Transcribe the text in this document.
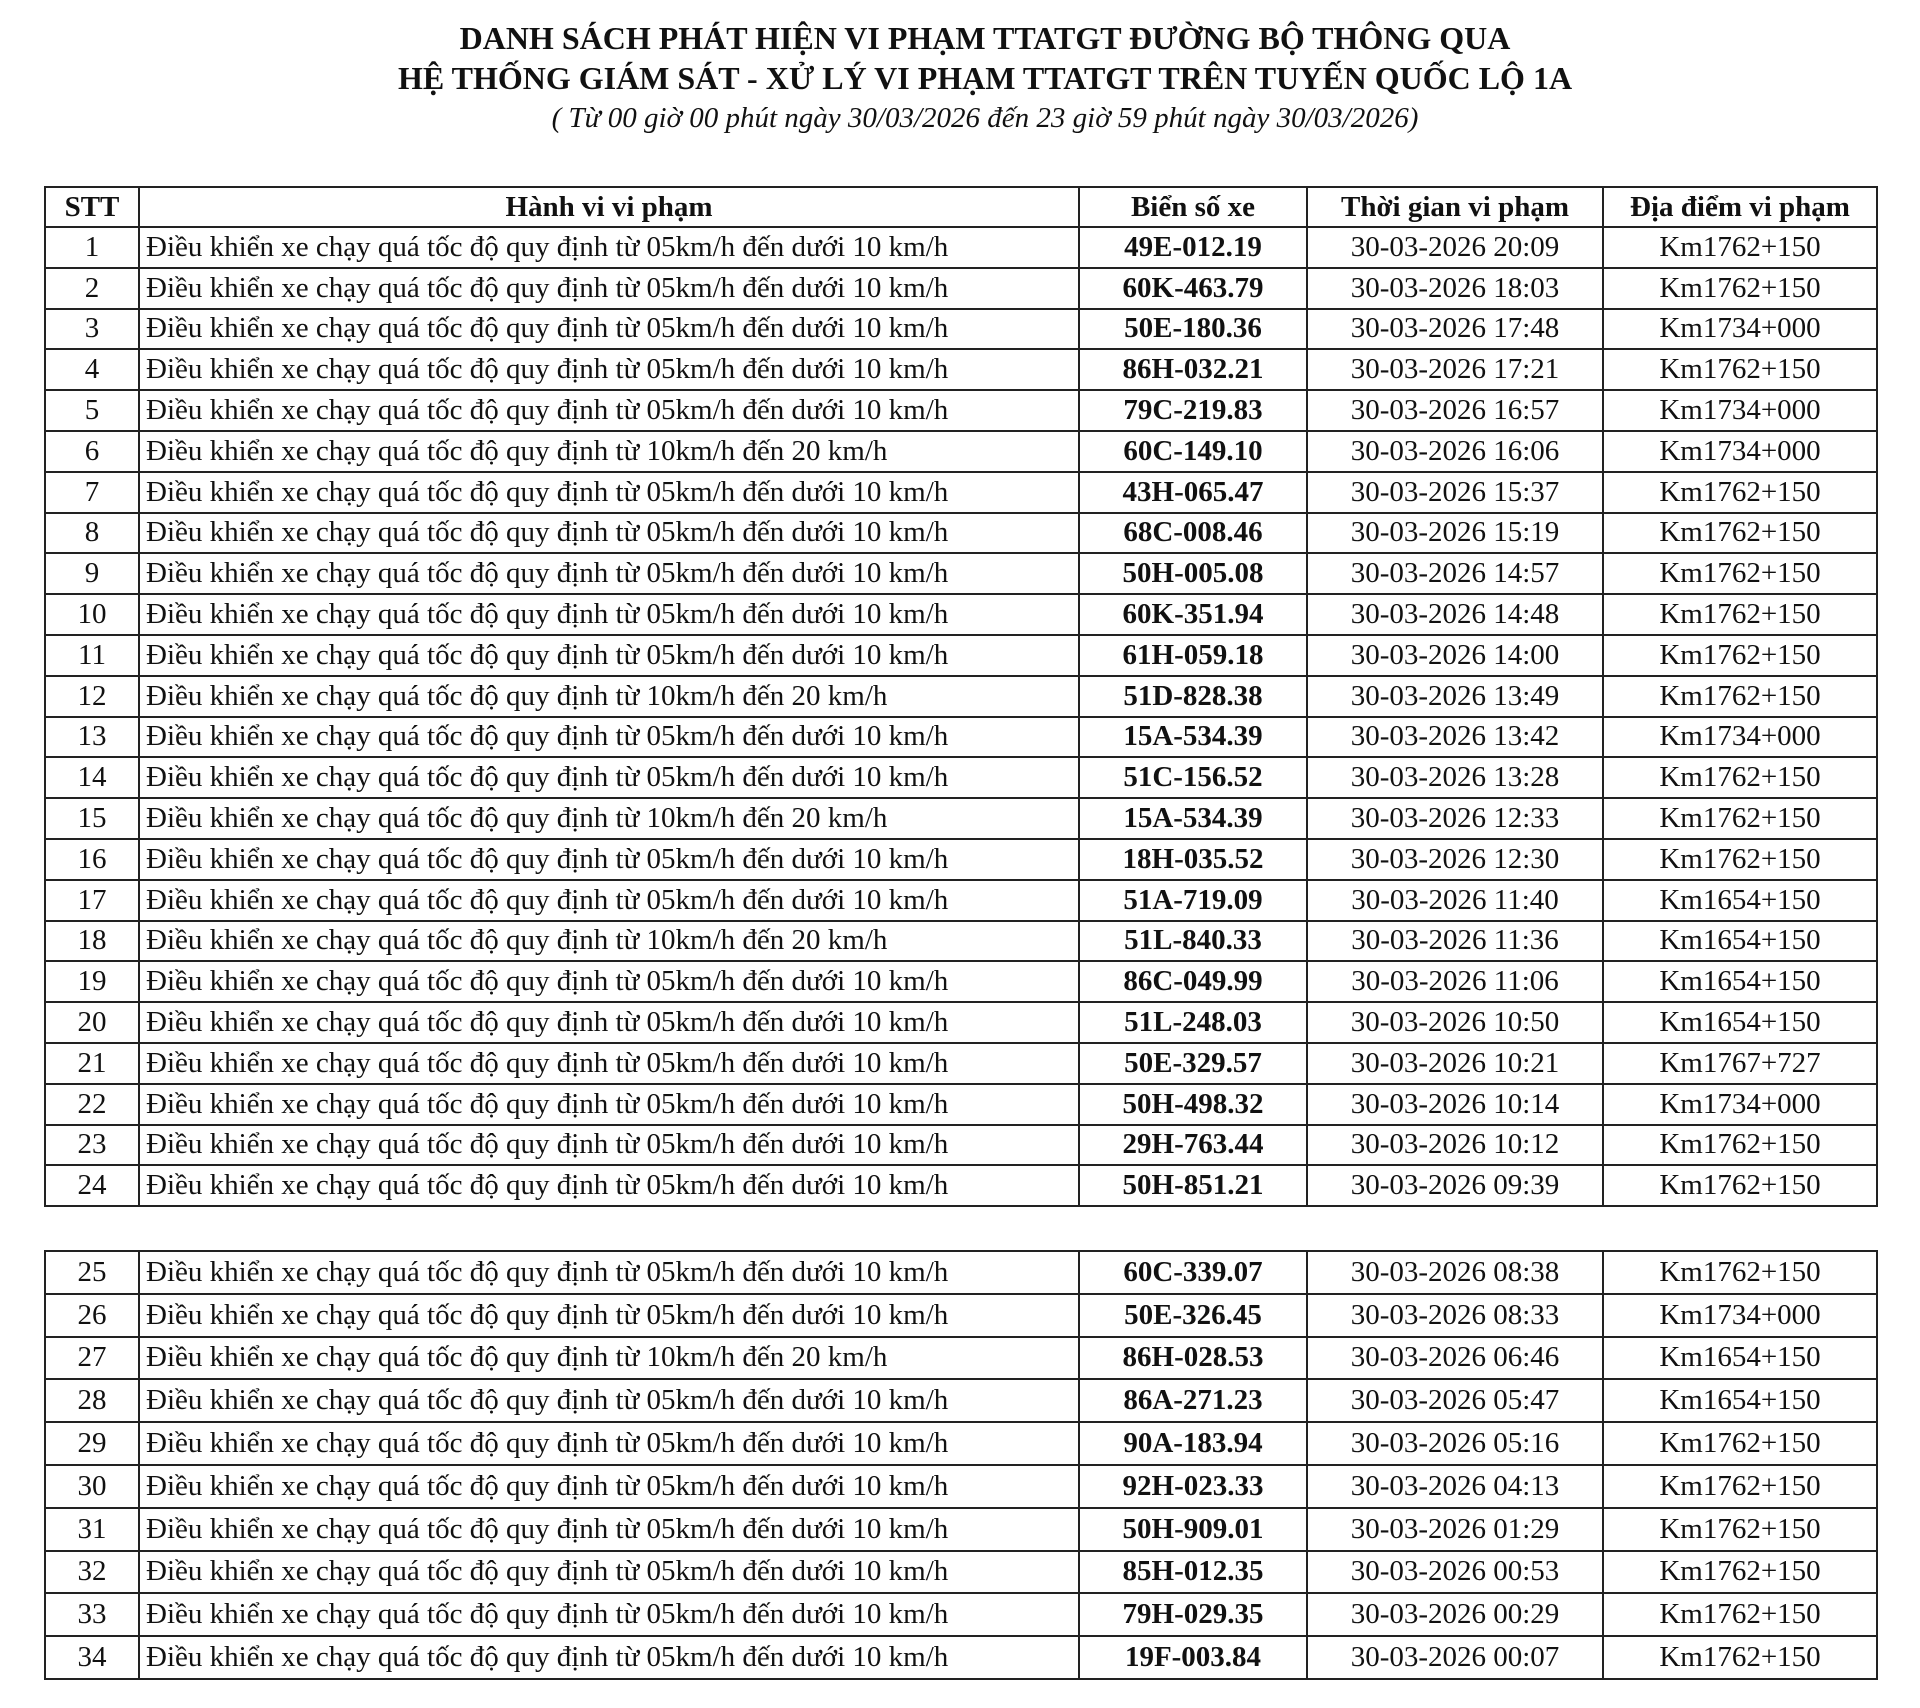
DANH SÁCH PHÁT HIỆN VI PHẠM TTATGT ĐƯỜNG BỘ THÔNG QUA

HỆ THỐNG GIÁM SÁT - XỬ LÝ VI PHẠM TTATGT TRÊN TUYẾN QUỐC LỘ 1A

( Từ 00 giờ 00 phút ngày 30/03/2026 đến 23 giờ 59 phút ngày 30/03/2026)

STT	Hành vi vi phạm	Biển số xe	Thời gian vi phạm	Địa điểm vi phạm
1	Điều khiển xe chạy quá tốc độ quy định từ 05km/h đến dưới 10 km/h	49E-012.19	30-03-2026 20:09	Km1762+150
2	Điều khiển xe chạy quá tốc độ quy định từ 05km/h đến dưới 10 km/h	60K-463.79	30-03-2026 18:03	Km1762+150
3	Điều khiển xe chạy quá tốc độ quy định từ 05km/h đến dưới 10 km/h	50E-180.36	30-03-2026 17:48	Km1734+000
4	Điều khiển xe chạy quá tốc độ quy định từ 05km/h đến dưới 10 km/h	86H-032.21	30-03-2026 17:21	Km1762+150
5	Điều khiển xe chạy quá tốc độ quy định từ 05km/h đến dưới 10 km/h	79C-219.83	30-03-2026 16:57	Km1734+000
6	Điều khiển xe chạy quá tốc độ quy định từ 10km/h đến 20 km/h	60C-149.10	30-03-2026 16:06	Km1734+000
7	Điều khiển xe chạy quá tốc độ quy định từ 05km/h đến dưới 10 km/h	43H-065.47	30-03-2026 15:37	Km1762+150
8	Điều khiển xe chạy quá tốc độ quy định từ 05km/h đến dưới 10 km/h	68C-008.46	30-03-2026 15:19	Km1762+150
9	Điều khiển xe chạy quá tốc độ quy định từ 05km/h đến dưới 10 km/h	50H-005.08	30-03-2026 14:57	Km1762+150
10	Điều khiển xe chạy quá tốc độ quy định từ 05km/h đến dưới 10 km/h	60K-351.94	30-03-2026 14:48	Km1762+150
11	Điều khiển xe chạy quá tốc độ quy định từ 05km/h đến dưới 10 km/h	61H-059.18	30-03-2026 14:00	Km1762+150
12	Điều khiển xe chạy quá tốc độ quy định từ 10km/h đến 20 km/h	51D-828.38	30-03-2026 13:49	Km1762+150
13	Điều khiển xe chạy quá tốc độ quy định từ 05km/h đến dưới 10 km/h	15A-534.39	30-03-2026 13:42	Km1734+000
14	Điều khiển xe chạy quá tốc độ quy định từ 05km/h đến dưới 10 km/h	51C-156.52	30-03-2026 13:28	Km1762+150
15	Điều khiển xe chạy quá tốc độ quy định từ 10km/h đến 20 km/h	15A-534.39	30-03-2026 12:33	Km1762+150
16	Điều khiển xe chạy quá tốc độ quy định từ 05km/h đến dưới 10 km/h	18H-035.52	30-03-2026 12:30	Km1762+150
17	Điều khiển xe chạy quá tốc độ quy định từ 05km/h đến dưới 10 km/h	51A-719.09	30-03-2026 11:40	Km1654+150
18	Điều khiển xe chạy quá tốc độ quy định từ 10km/h đến 20 km/h	51L-840.33	30-03-2026 11:36	Km1654+150
19	Điều khiển xe chạy quá tốc độ quy định từ 05km/h đến dưới 10 km/h	86C-049.99	30-03-2026 11:06	Km1654+150
20	Điều khiển xe chạy quá tốc độ quy định từ 05km/h đến dưới 10 km/h	51L-248.03	30-03-2026 10:50	Km1654+150
21	Điều khiển xe chạy quá tốc độ quy định từ 05km/h đến dưới 10 km/h	50E-329.57	30-03-2026 10:21	Km1767+727
22	Điều khiển xe chạy quá tốc độ quy định từ 05km/h đến dưới 10 km/h	50H-498.32	30-03-2026 10:14	Km1734+000
23	Điều khiển xe chạy quá tốc độ quy định từ 05km/h đến dưới 10 km/h	29H-763.44	30-03-2026 10:12	Km1762+150
24	Điều khiển xe chạy quá tốc độ quy định từ 05km/h đến dưới 10 km/h	50H-851.21	30-03-2026 09:39	Km1762+150
25	Điều khiển xe chạy quá tốc độ quy định từ 05km/h đến dưới 10 km/h	60C-339.07	30-03-2026 08:38	Km1762+150
26	Điều khiển xe chạy quá tốc độ quy định từ 05km/h đến dưới 10 km/h	50E-326.45	30-03-2026 08:33	Km1734+000
27	Điều khiển xe chạy quá tốc độ quy định từ 10km/h đến 20 km/h	86H-028.53	30-03-2026 06:46	Km1654+150
28	Điều khiển xe chạy quá tốc độ quy định từ 05km/h đến dưới 10 km/h	86A-271.23	30-03-2026 05:47	Km1654+150
29	Điều khiển xe chạy quá tốc độ quy định từ 05km/h đến dưới 10 km/h	90A-183.94	30-03-2026 05:16	Km1762+150
30	Điều khiển xe chạy quá tốc độ quy định từ 05km/h đến dưới 10 km/h	92H-023.33	30-03-2026 04:13	Km1762+150
31	Điều khiển xe chạy quá tốc độ quy định từ 05km/h đến dưới 10 km/h	50H-909.01	30-03-2026 01:29	Km1762+150
32	Điều khiển xe chạy quá tốc độ quy định từ 05km/h đến dưới 10 km/h	85H-012.35	30-03-2026 00:53	Km1762+150
33	Điều khiển xe chạy quá tốc độ quy định từ 05km/h đến dưới 10 km/h	79H-029.35	30-03-2026 00:29	Km1762+150
34	Điều khiển xe chạy quá tốc độ quy định từ 05km/h đến dưới 10 km/h	19F-003.84	30-03-2026 00:07	Km1762+150
